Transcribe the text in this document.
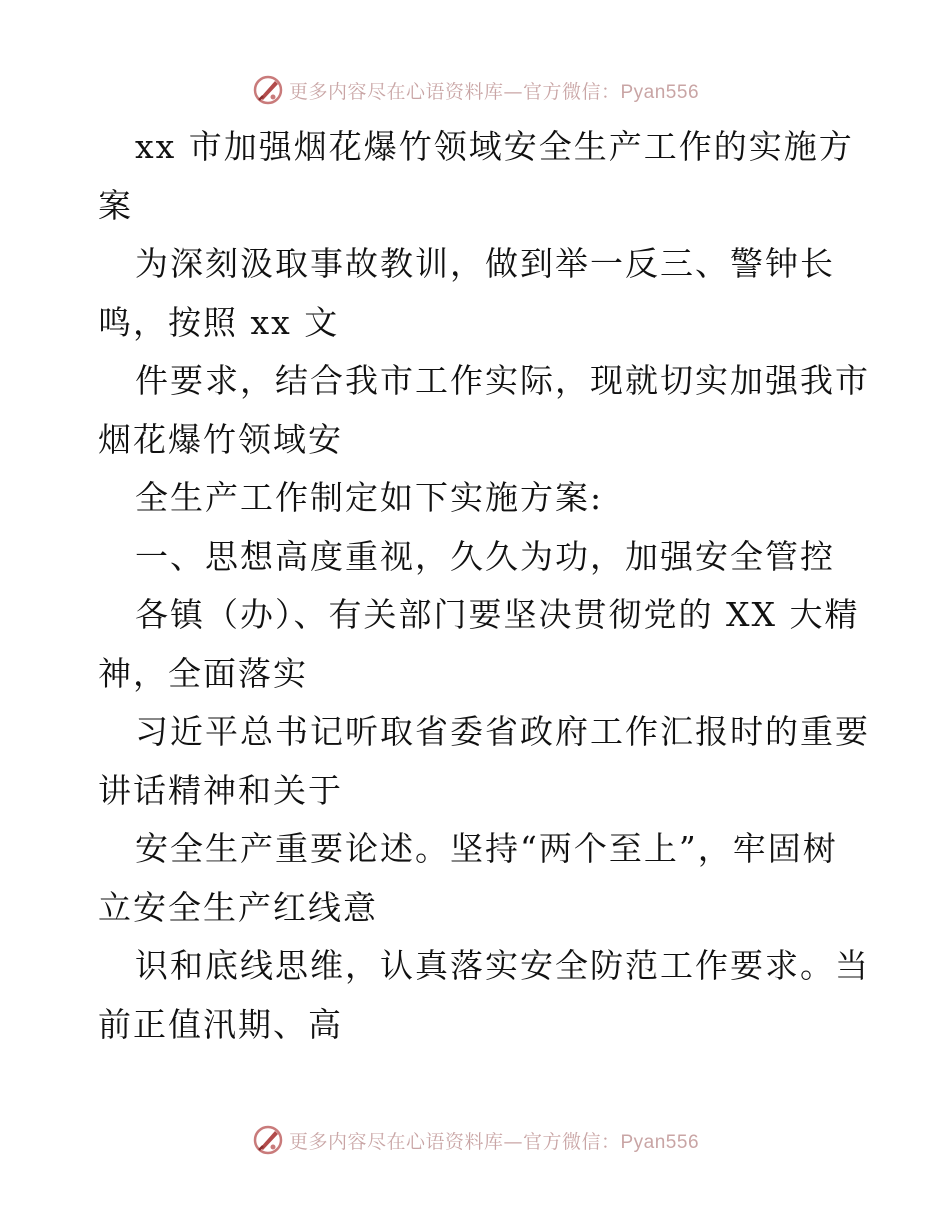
更多内容尽在心语资料库—官方微信：Pyan556
xx 市加强烟花爆竹领域安全生产工作的实施方
案
为深刻汲取事故教训，做到举一反三、警钟长
鸣，按照 xx 文
件要求，结合我市工作实际，现就切实加强我市
烟花爆竹领域安
全生产工作制定如下实施方案:
一、思想高度重视，久久为功，加强安全管控
各镇（办）、有关部门要坚决贯彻党的 XX 大精
神，全面落实
习近平总书记听取省委省政府工作汇报时的重要
讲话精神和关于
安全生产重要论述。坚持“两个至上”，牢固树
立安全生产红线意
识和底线思维，认真落实安全防范工作要求。当
前正值汛期、高
更多内容尽在心语资料库—官方微信：Pyan556
